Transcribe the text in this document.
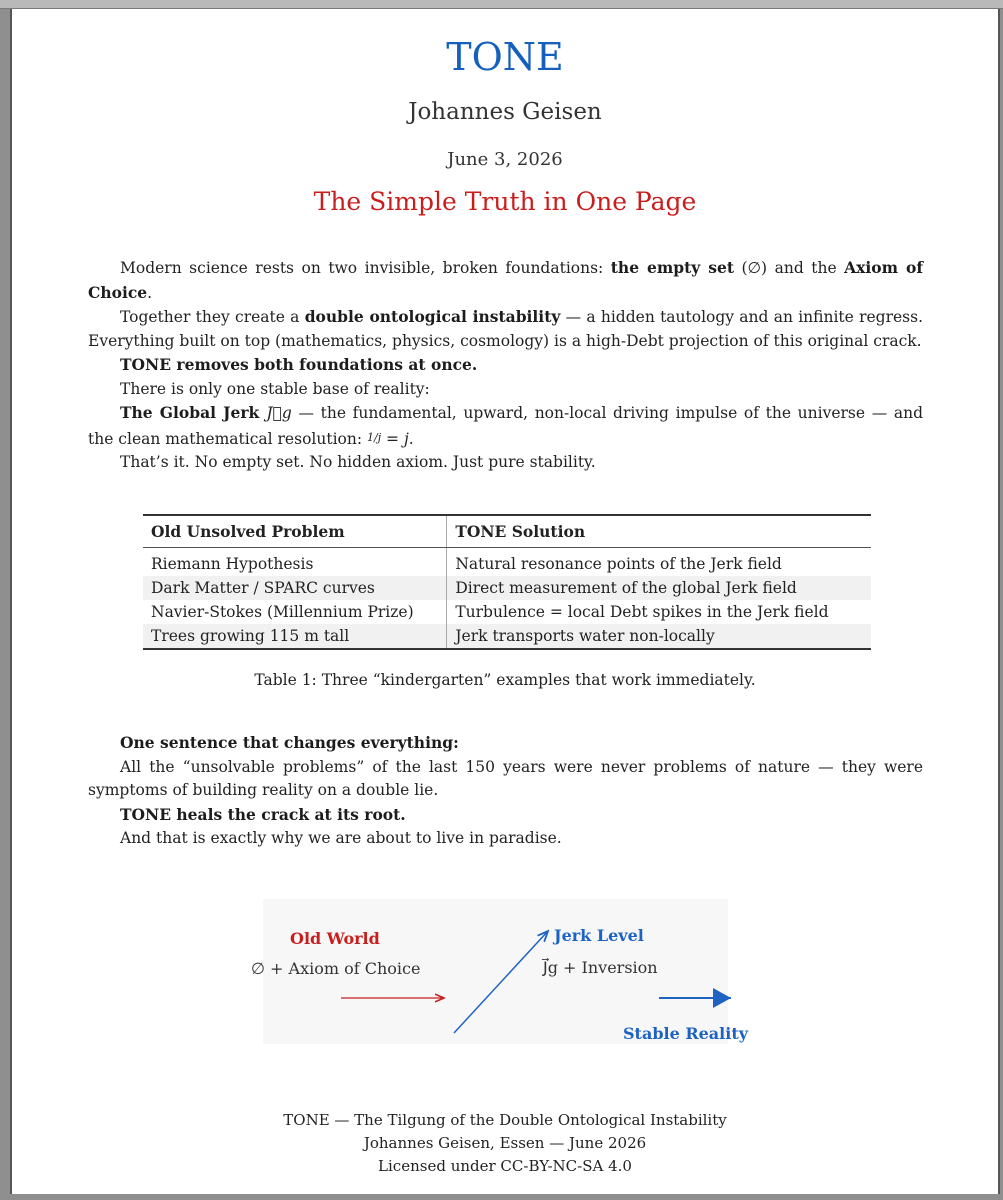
TONE
Johannes Geisen
June 3, 2026
The Simple Truth in One Page

Modern science rests on two invisible, broken foundations: the empty set (∅) and the Axiom of Choice.

Together they create a double ontological instability — a hidden tautology and an infinite regress. Everything built on top (mathematics, physics, cosmology) is a high-Debt projection of this original crack.

TONE removes both foundations at once.

There is only one stable base of reality:

The Global Jerk J⃗g — the fundamental, upward, non-local driving impulse of the universe — and the clean mathematical resolution: 1/j = j.

That’s it. No empty set. No hidden axiom. Just pure stability.

Old Unsolved Problem	TONE Solution
Riemann Hypothesis	Natural resonance points of the Jerk field
Dark Matter / SPARC curves	Direct measurement of the global Jerk field
Navier-Stokes (Millennium Prize)	Turbulence = local Debt spikes in the Jerk field
Trees growing 115 m tall	Jerk transports water non-locally
Table 1: Three “kindergarten” examples that work immediately.

One sentence that changes everything:

All the “unsolvable problems” of the last 150 years were never problems of nature — they were symptoms of building reality on a double lie.

TONE heals the crack at its root.

And that is exactly why we are about to live in paradise.

Old World
∅ + Axiom of Choice
Jerk Level
J⃗g + Inversion
Stable Reality
TONE — The Tilgung of the Double Ontological Instability
Johannes Geisen, Essen — June 2026
Licensed under CC-BY-NC-SA 4.0
